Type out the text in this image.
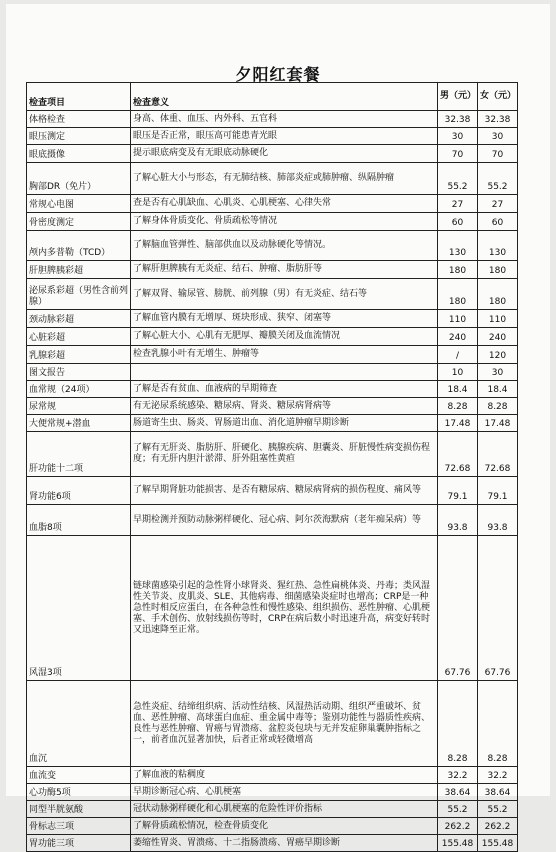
夕阳红套餐
检查项目	检查意义	男（元）	女（元）
体格检查	身高、体重、血压、内外科、五官科	32.38	32.38
眼压测定	眼压是否正常，眼压高可能患青光眼	30	30
眼底摄像	提示眼底病变及有无眼底动脉硬化	70	70
胸部DR（免片）	了解心脏大小与形态，有无肺结核、肺部炎症或肺肿瘤、纵隔肿瘤	55.2	55.2
常规心电图	查是否有心肌缺血、心肌炎、心肌梗塞、心律失常	27	27
骨密度测定	了解身体骨质变化、骨质疏松等情况	60	60
颅内多普勒（TCD）	了解脑血管弹性、脑部供血以及动脉硬化等情况。	130	130
肝胆脾胰彩超	了解肝胆脾胰有无炎症、结石、肿瘤、脂肪肝等	180	180
泌尿系彩超（男性含前列腺）	了解双肾、输尿管、膀胱、前列腺（男）有无炎症、结石等	180	180
颈动脉彩超	了解血管内膜有无增厚、斑块形成、狭窄、闭塞等	110	110
心脏彩超	了解心脏大小、心肌有无肥厚、瓣膜关闭及血流情况	240	240
乳腺彩超	检查乳腺小叶有无增生、肿瘤等	/	120
图文报告		10	30
血常规（24项）	了解是否有贫血、血液病的早期筛查	18.4	18.4
尿常规	有无泌尿系统感染、糖尿病、肾炎、糖尿病肾病等	8.28	8.28
大便常规+潜血	肠道寄生虫、肠炎、胃肠道出血、消化道肿瘤早期诊断	17.48	17.48
肝功能十二项	了解有无肝炎、脂肪肝、肝硬化、胰腺疾病、胆囊炎、肝脏慢性病变损伤程度；有无肝内胆汁淤滞、肝外阻塞性黄疸	72.68	72.68
肾功能6项	了解早期肾脏功能损害、是否有糖尿病、糖尿病肾病的损伤程度、痛风等	79.1	79.1
血脂8项	早期检测并预防动脉粥样硬化、冠心病、阿尔茨海默病（老年痴呆病）等	93.8	93.8
风湿3项	链球菌感染引起的急性肾小球肾炎、猩红热、急性扁桃体炎、丹毒；类风湿性关节炎、皮肌炎、SLE、其他病毒、细菌感染炎症时也增高；CRP是一种急性时相反应蛋白，在各种急性和慢性感染、组织损伤、恶性肿瘤、心肌梗塞、手术创伤、放射线损伤等时，CRP在病后数小时迅速升高，病变好转时又迅速降至正常。	67.76	67.76
血沉	急性炎症、结缔组织病、活动性结核、风湿热活动期、组织严重破坏、贫血、恶性肿瘤、高球蛋白血症、重金属中毒等；鉴别功能性与器质性疾病、良性与恶性肿瘤、胃癌与胃溃疡、盆腔炎包块与无并发症卵巢囊肿指标之一，前者血沉显著加快，后者正常或轻微增高	8.28	8.28
血流变	了解血液的粘稠度	32.2	32.2
心功酶5项	早期诊断冠心病、心肌梗塞	38.64	38.64
同型半胱氨酸	冠状动脉粥样硬化和心肌梗塞的危险性评价指标	55.2	55.2
骨标志三项	了解骨质疏松情况，检查骨质变化	262.2	262.2
胃功能三项	萎缩性胃炎、胃溃疡、十二指肠溃疡、胃癌早期诊断	155.48	155.48
